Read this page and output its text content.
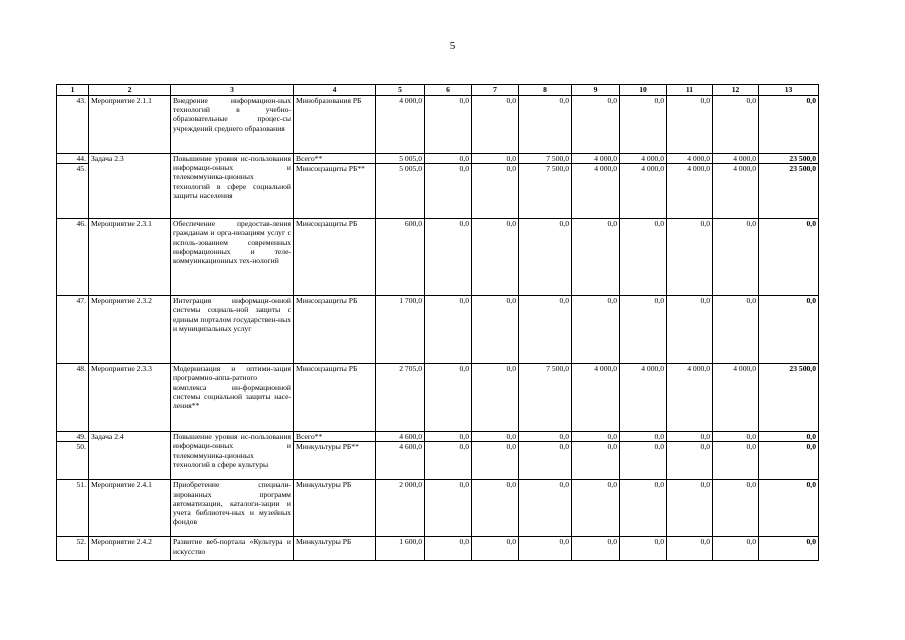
5
1	2	3	4	5	6	7	8	9	10	11	12	13
43.	Мероприятие 2.1.1	Внедрение информацион-ных технологий в учебно-образовательные процес-сы учреждений среднего образования	Минобразования РБ	4 000,0	0,0	0,0	0,0	0,0	0,0	0,0	0,0	0,0
44.	Задача 2.3	Повышение уровня ис-пользования информаци-онных и телекоммуника-ционных технологий в сфере социальной защиты населения	Всего**	5 005,0	0,0	0,0	7 500,0	4 000,0	4 000,0	4 000,0	4 000,0	23 500,0
45.			Минсоцзащиты РБ**	5 005,0	0,0	0,0	7 500,0	4 000,0	4 000,0	4 000,0	4 000,0	23 500,0
46.	Мероприятие 2.3.1	Обеспечение предостав-ления гражданам и орга-низациям услуг с исполь-зованием современных информационных и теле-коммуникационных тех-нологий	Минсоцзащиты РБ	600,0	0,0	0,0	0,0	0,0	0,0	0,0	0,0	0,0
47.	Мероприятие 2.3.2	Интеграция информаци-онной системы социаль-ной защиты с единым порталом государствен-ных и муниципальных услуг	Минсоцзащиты РБ	1 700,0	0,0	0,0	0,0	0,0	0,0	0,0	0,0	0,0
48.	Мероприятие 2.3.3	Модернизация и оптими-зация программно-аппа-ратного комплекса ин-формационной системы социальной защиты насе-ления**	Минсоцзащиты РБ	2 705,0	0,0	0,0	7 500,0	4 000,0	4 000,0	4 000,0	4 000,0	23 500,0
49.	Задача 2.4	Повышение уровня ис-пользования информаци-онных и телекоммуника-ционных технологий в сфере культуры	Всего**	4 600,0	0,0	0,0	0,0	0,0	0,0	0,0	0,0	0,0
50.			Минкультуры РБ**	4 600,0	0,0	0,0	0,0	0,0	0,0	0,0	0,0	0,0
51.	Мероприятие 2.4.1	Приобретение специали-зированных программ автоматизации, каталоги-зации и учета библиотеч-ных и музейных фондов	Минкультуры РБ	2 000,0	0,0	0,0	0,0	0,0	0,0	0,0	0,0	0,0
52.	Мероприятие 2.4.2	Развитие веб-портала «Культура и искусство	Минкультуры РБ	1 600,0	0,0	0,0	0,0	0,0	0,0	0,0	0,0	0,0
